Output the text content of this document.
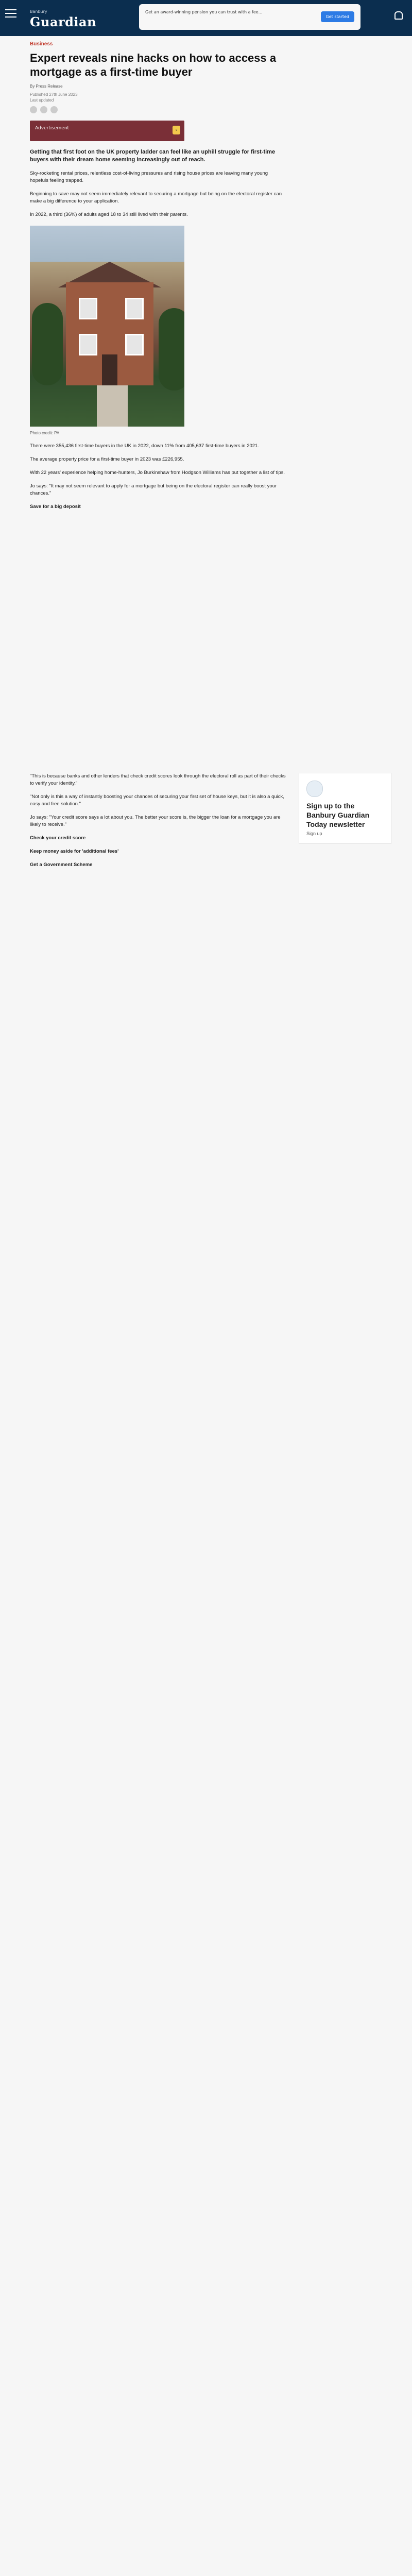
Banbury
Guardian
Get an award-winning pension you can trust with a fee...
Get started
Business
Expert reveals nine hacks on how to access a mortgage as a first-time buyer
By Press Release
Published 27th June 2023
Last updated
Advertisement	›

Getting that first foot on the UK property ladder can feel like an uphill struggle for first-time buyers with their dream home seeming increasingly out of reach.

Sky-rocketing rental prices, relentless cost-of-living pressures and rising house prices are leaving many young hopefuls feeling trapped.

Beginning to save may not seem immediately relevant to securing a mortgage but being on the electoral register can make a big difference to your application.

In 2022, a third (36%) of adults aged 18 to 34 still lived with their parents.

Photo credit: PA

There were 355,436 first-time buyers in the UK in 2022, down 11% from 405,637 first-time buyers in 2021.

The average property price for a first-time buyer in 2023 was £226,955.

With 22 years' experience helping home-hunters, Jo Burkinshaw from Hodgson Williams has put together a list of tips.

Jo says: "It may not seem relevant to apply for a mortgage but being on the electoral register can really boost your chances."

Save for a big deposit

"This is because banks and other lenders that check credit scores look through the electoral roll as part of their checks to verify your identity."

"Not only is this a way of instantly boosting your chances of securing your first set of house keys, but it is also a quick, easy and free solution."

Jo says: "Your credit score says a lot about you. The better your score is, the bigger the loan for a mortgage you are likely to receive."

Check your credit score

Keep money aside for 'additional fees'

Get a Government Scheme

Sign up to the Banbury Guardian Today newsletter
Sign up
